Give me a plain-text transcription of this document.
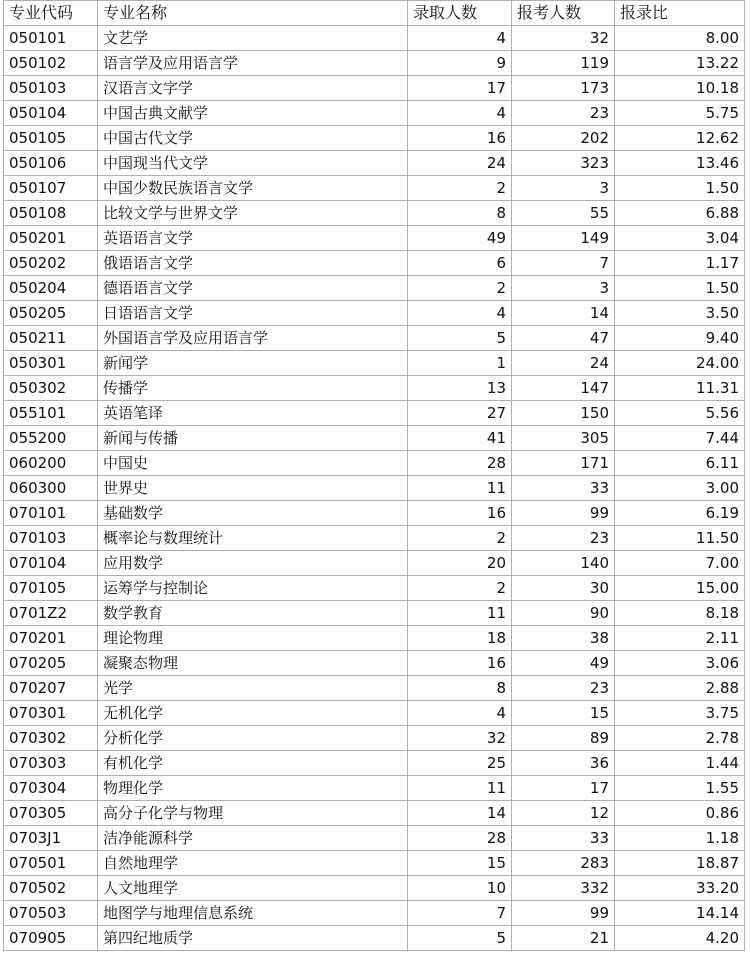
专业代码	专业名称	录取人数	报考人数	报录比
050101	文艺学	4	32	8.00
050102	语言学及应用语言学	9	119	13.22
050103	汉语言文字学	17	173	10.18
050104	中国古典文献学	4	23	5.75
050105	中国古代文学	16	202	12.62
050106	中国现当代文学	24	323	13.46
050107	中国少数民族语言文学	2	3	1.50
050108	比较文学与世界文学	8	55	6.88
050201	英语语言文学	49	149	3.04
050202	俄语语言文学	6	7	1.17
050204	德语语言文学	2	3	1.50
050205	日语语言文学	4	14	3.50
050211	外国语言学及应用语言学	5	47	9.40
050301	新闻学	1	24	24.00
050302	传播学	13	147	11.31
055101	英语笔译	27	150	5.56
055200	新闻与传播	41	305	7.44
060200	中国史	28	171	6.11
060300	世界史	11	33	3.00
070101	基础数学	16	99	6.19
070103	概率论与数理统计	2	23	11.50
070104	应用数学	20	140	7.00
070105	运筹学与控制论	2	30	15.00
0701Z2	数学教育	11	90	8.18
070201	理论物理	18	38	2.11
070205	凝聚态物理	16	49	3.06
070207	光学	8	23	2.88
070301	无机化学	4	15	3.75
070302	分析化学	32	89	2.78
070303	有机化学	25	36	1.44
070304	物理化学	11	17	1.55
070305	高分子化学与物理	14	12	0.86
0703J1	洁净能源科学	28	33	1.18
070501	自然地理学	15	283	18.87
070502	人文地理学	10	332	33.20
070503	地图学与地理信息系统	7	99	14.14
070905	第四纪地质学	5	21	4.20
